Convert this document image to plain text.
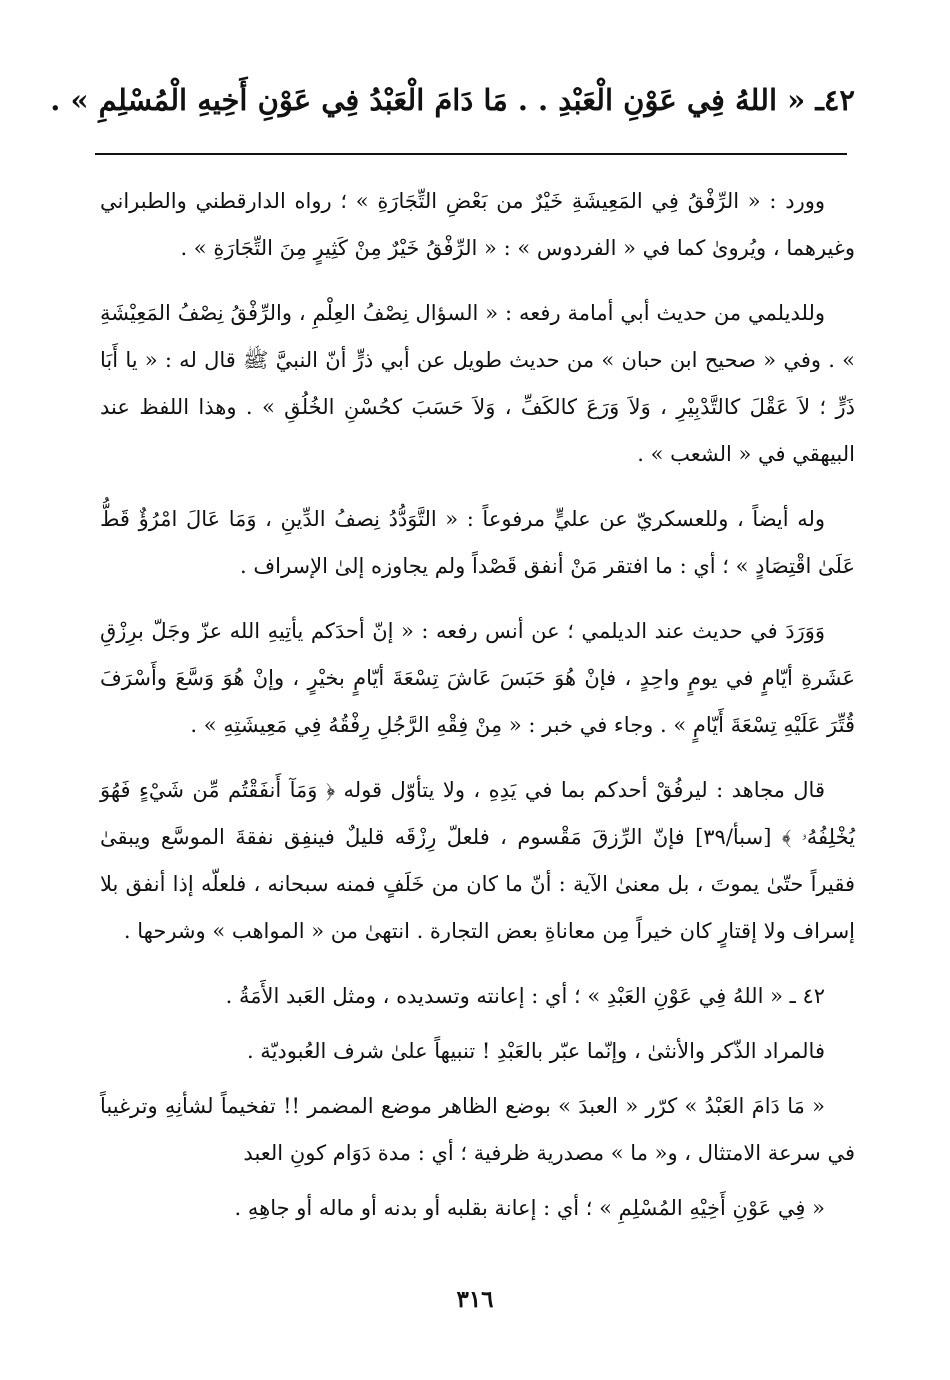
٤٢ـ « اللهُ فِي عَوْنِ الْعَبْدِ . . مَا دَامَ الْعَبْدُ فِي عَوْنِ أَخِيهِ الْمُسْلِمِ » .

وورد : « الرِّفْقُ فِي المَعِيشَةِ خَيْرٌ من بَعْضِ التِّجَارَةِ » ؛ رواه الدارقطني والطبراني وغيرهما ، ويُروىٰ كما في « الفردوس » : « الرِّفْقُ خَيْرٌ مِنْ كَثِيرٍ مِنَ التِّجَارَةِ » .

وللديلمي من حديث أبي أمامة رفعه : « السؤال نِصْفُ العِلْمِ ، والرِّفْقُ نِصْفُ المَعِيْشَةِ » . وفي « صحيح ابن حبان » من حديث طويل عن أبي ذرٍّ أنّ النبيَّ ﷺ قال له : « يا أَبَا ذَرٍّ ؛ لاَ عَقْلَ كالتَّدْبِيْرِ ، وَلاَ وَرَعَ كالكَفِّ ، وَلاَ حَسَبَ كحُسْنِ الخُلُقِ » . وهذا اللفظ عند البيهقي في « الشعب » .

وله أيضاً ، وللعسكريّ عن عليٍّ مرفوعاً : « التَّوَدُّدُ نِصفُ الدِّينِ ، وَمَا عَالَ امْرُؤٌ قَطُّ عَلَىٰ اقْتِصَادٍ » ؛ أي : ما افتقر مَنْ أنفق قَصْداً ولم يجاوزه إلىٰ الإسراف .

وَوَرَدَ في حديث عند الديلمي ؛ عن أنس رفعه : « إنّ أحدَكم يأتِيهِ الله عزّ وجَلّ برِزْقِ عَشَرةِ أيّامٍ في يومٍ واحِدٍ ، فإنْ هُوَ حَبَسَ عَاشَ تِسْعَةَ أيّامٍ بخيْرٍ ، وإنْ هُوَ وَسَّعَ وأَسْرَفَ قُتِّرَ عَلَيْهِ تِسْعَةَ أَيّامٍ » . وجاء في خبر : « مِنْ فِقْهِ الرَّجُلِ رِفْقُهُ فِي مَعِيشَتِهِ » .

قال مجاهد : ليرفُقْ أحدكم بما في يَدِهِ ، ولا يتأوّل قوله ﴿ وَمَآ أَنفَقْتُم مِّن شَيْءٍ فَهُوَ يُخْلِفُهُۥ ﴾ [سبأ/٣٩] فإنّ الرِّزقَ مَقْسوم ، فلعلّ رِزْقَه قليلٌ فينفِق نفقةَ الموسَّع ويبقىٰ فقيراً حتّىٰ يموتَ ، بل معنىٰ الآية : أنّ ما كان من خَلَفٍ فمنه سبحانه ، فلعلّه إذا أنفق بلا إسراف ولا إقتارٍ كان خيراً مِن معاناةِ بعض التجارة . انتهىٰ من « المواهب » وشرحها .

٤٢ ـ « اللهُ فِي عَوْنِ العَبْدِ » ؛ أي : إعانته وتسديده ، ومثل العَبد الأَمَةُ .

فالمراد الذّكر والأنثىٰ ، وإنّما عبّر بالعَبْدِ ! تنبيهاً علىٰ شرف العُبوديّة .

« مَا دَامَ العَبْدُ » كرّر « العبدَ » بوضع الظاهر موضع المضمر !! تفخيماً لشأنِهِ وترغيباً في سرعة الامتثال ، و« ما » مصدرية ظرفية ؛ أي : مدة دَوَام كونِ العبد

« فِي عَوْنِ أَخِيْهِ المُسْلِمِ » ؛ أي : إعانة بقلبه أو بدنه أو ماله أو جاهِهِ .

٣١٦
